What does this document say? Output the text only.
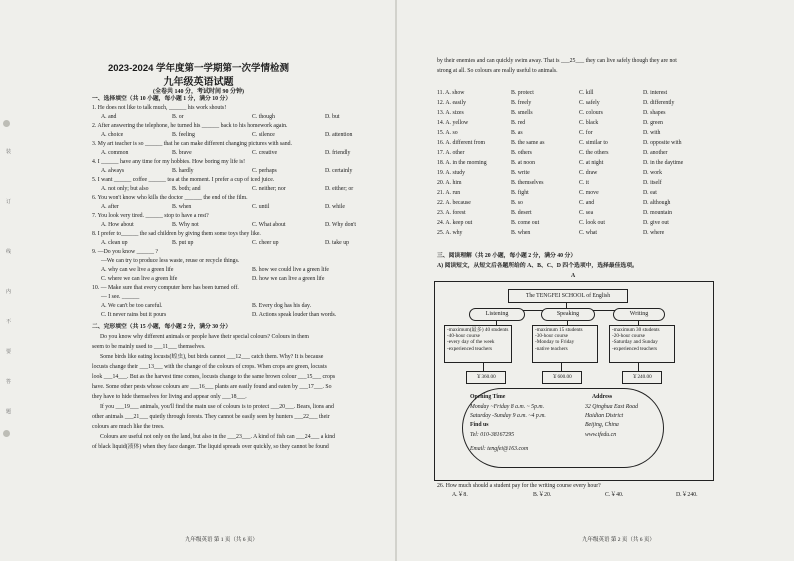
装
订
线
内
不
要
答
题
2023-2024 学年度第一学期第一次学情检测
九年级英语试题
(全卷共 140 分，考试时间 90 分钟)
一、选择填空（共 10 小题，每小题 1 分，满分 10 分）
1. He does not like to talk much, ______ his work shouts!
A. and	B. or	C. though	D. but
2. After answering the telephone, he turned his ______ back to his homework again.
A. choice	B. feeling	C. silence	D. attention
3. My art teacher is so ______ that he can make different changing pictures with sand.
A. common	B. brave	C. creative	D. friendly
4. I ______ have any time for my hobbies. How boring my life is!
A. always	B. hardly	C. perhaps	D. certainly
5. I want ______ coffee ______ tea at the moment. I prefer a cup of iced juice.
A. not only; but also	B. both; and	C. neither; nor	D. either; or
6. You won't know who kills the doctor ______ the end of the film.
A. after	B. when	C. until	D. while
7. You look very tired. ______ stop to have a rest?
A. How about	B. Why not	C. What about	D. Why don't
8. I prefer to______ the sad children by giving them some toys they like.
A. clean up	B. put up	C. cheer up	D. take up
9. —Do you know ______ ?
—We can try to produce less waste, reuse or recycle things.
A. why can we live a green life	B. how we could live a green life
C. where we can live a green life	D. how we can live a green life
10. — Make sure that every computer here has been turned off.
— I see. ______
A. We can't be too careful.	B. Every dog has his day.
C. It never rains but it pours	D. Actions speak louder than words.
二、完形填空（共 15 小题，每小题 2 分，满分 30 分）
Do you know why different animals or people have their special colours? Colours in them
seem to be mainly used to ___11___ themselves.
Some birds like eating locusts(蝗虫), but birds cannot ___12___ catch them. Why? It is because
locusts change their ___13___ with the change of the colours of crops. When crops are green, locusts
look ___14___. But as the harvest time comes, locusts change to the same brown colour ___15___ crops
have. Some other pests whose colours are ___16___ plants are easily found and eaten by ___17___. So
they have to hide themselves for living and appear only ___18___.
If you ___19___ animals, you'll find the main use of colours is to protect ___20___. Bears, lions and
other animals ___21___ quietly through forests. They cannot be easily seen by hunters ___22___ their
colours are much like the trees.
Colours are useful not only on the land, but also in the ___23___. A kind of fish can ___24___ a kind
of black liquid(液体) when they face danger. The liquid spreads over quickly, so they cannot be found
九年级英语 第 1 页（共 6 页）
by their enemies and can quickly swim away. That is ___25___ they can live safely though they are not
strong at all. So colours are really useful to animals.
11. A. show	B. protect	C. kill	D. interest
12. A. easily	B. freely	C. safely	D. differently
13. A. sizes	B. smells	C. colours	D. shapes
14. A. yellow	B. red	C. black	D. green
15. A. so	B. as	C. for	D. with
16. A. different from	B. the same as	C. similar to	D. opposite with
17. A. other	B. others	C. the others	D. another
18. A. in the morning	B. at noon	C. at night	D. in the daytime
19. A. study	B. write	C. draw	D. work
20. A. him	B. themselves	C. it	D. itself
21. A. run	B. fight	C. move	D. eat
22. A. because	B. so	C. and	D. although
23. A. forest	B. desert	C. sea	D. mountain
24. A. keep out	B. come out	C. look out	D. give out
25. A. why	B. when	C. what	D. where
三、阅读理解（共 20 小题，每小题 2 分，满分 40 分）
A) 阅读短文，从短文后各题所给的 A、B、C、D 四个选项中，选择最佳选项。
A
The TENGFEI SCHOOL of English
Listening	Speaking	Writing
-maximum(最多) 40 students
-40-hour course
-every day of the week
-experienced teachers
-maximum 15 students
-30-hour course
-Monday to Friday
-native teachers
-maximum 30 students
-20-hour course
-Saturday and Sunday
-experienced teachers
￥360.00	￥600.00	￥240.00
Opening Time
Monday ~Friday 8 a.m. ~ 5p.m.
Saturday -Sunday 9 a.m. ~4 p.m.
Find us
Tel: 010-38167295
Email: tengfei@163.com
Address
32 Qinghua East Road
Haidian District
Beijing, China
www.tfedu.cn
26. How much should a student pay for the writing course every hour?
A.￥8.	B.￥20.	C.￥40.	D.￥240.
九年级英语 第 2 页（共 6 页）
